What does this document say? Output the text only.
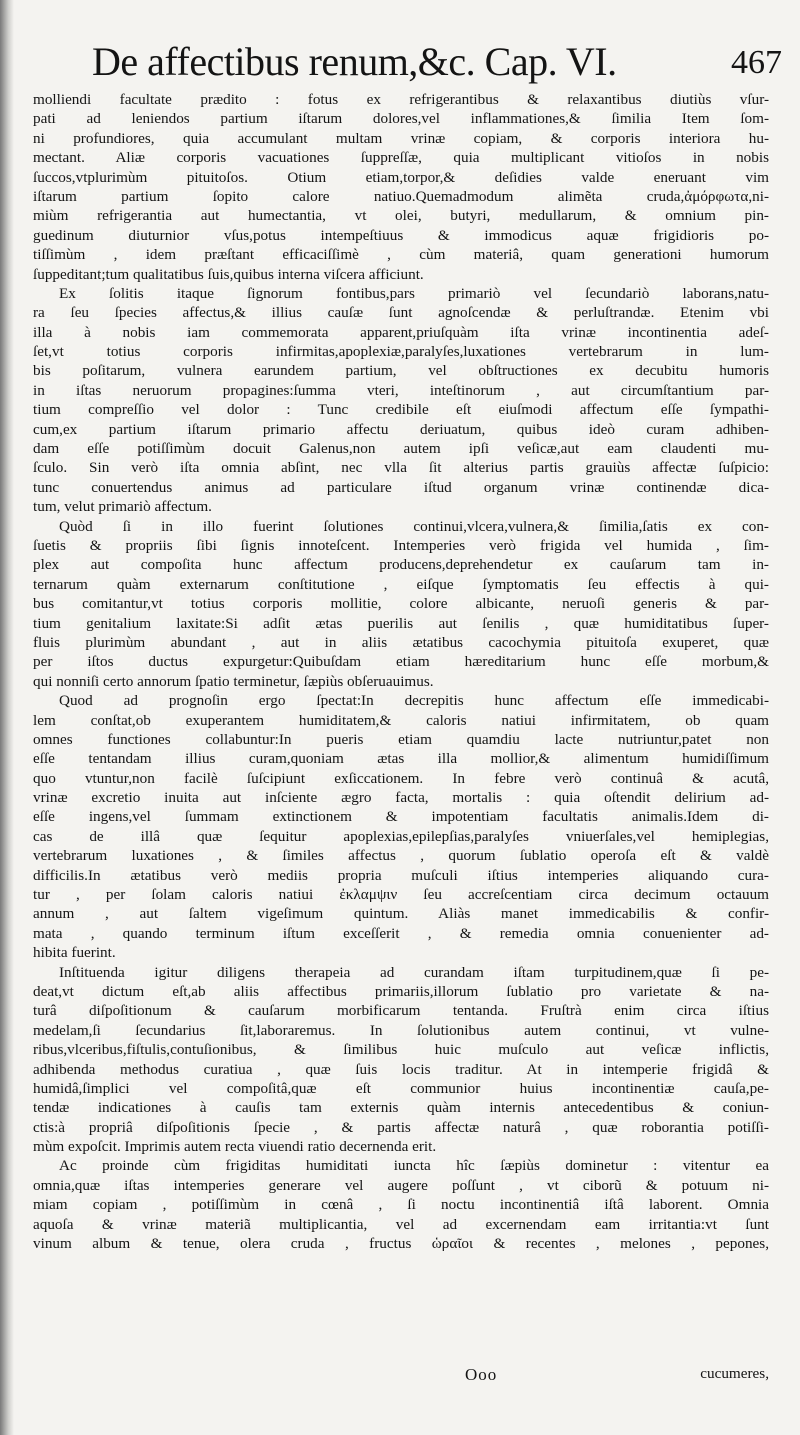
De affectibus renum,&c. Cap. VI.	467
molliendi facultate prædito : fotus ex refrigerantibus & relaxantibus diutiùs vſur-
pati ad leniendos partium iſtarum dolores,vel inflammationes,& ſimilia Item ſom-
ni profundiores, quia accumulant multam vrinæ copiam, & corporis interiora hu-
mectant. Aliæ corporis vacuationes ſuppreſſæ, quia multiplicant vitioſos in nobis
ſuccos,vtplurimùm pituitoſos. Otium etiam,torpor,& deſidies valde eneruant vim
iſtarum partium ſopito calore natiuo.Quemadmodum alimẽta cruda,ἀμόρφωτα,ni-
miùm refrigerantia aut humectantia, vt olei, butyri, medullarum, & omnium pin-
guedinum diuturnior vſus,potus intempeſtiuus & immodicus aquæ frigidioris po-
tiſſimùm , idem præſtant efficaciſſimè , cùm materiâ, quam generationi humorum
ſuppeditant;tum qualitatibus ſuis,quibus interna viſcera afficiunt.
Ex ſolitis itaque ſignorum fontibus,pars primariò vel ſecundariò laborans,natu-
ra ſeu ſpecies affectus,& illius cauſæ ſunt agnoſcendæ & perluſtrandæ. Etenim vbi
illa à nobis iam commemorata apparent,priuſquàm iſta vrinæ incontinentia adeſ-
ſet,vt totius corporis infirmitas,apoplexiæ,paralyſes,luxationes vertebrarum in lum-
bis poſitarum, vulnera earundem partium, vel obſtructiones ex decubitu humoris
in iſtas neruorum propagines:ſumma vteri, inteſtinorum , aut circumſtantium par-
tium compreſſio vel dolor : Tunc credibile eſt eiuſmodi affectum eſſe ſympathi-
cum,ex partium iſtarum primario affectu deriuatum, quibus ideò curam adhiben-
dam eſſe potiſſimùm docuit Galenus,non autem ipſi veſicæ,aut eam claudenti mu-
ſculo. Sin verò iſta omnia abſint, nec vlla ſit alterius partis grauiùs affectæ ſuſpicio:
tunc conuertendus animus ad particulare iſtud organum vrinæ continendæ dica-
tum, velut primariò affectum.
Quòd ſi in illo fuerint ſolutiones continui,vlcera,vulnera,& ſimilia,ſatis ex con-
ſuetis & propriis ſibi ſignis innoteſcent. Intemperies verò frigida vel humida , ſim-
plex aut compoſita hunc affectum producens,deprehendetur ex cauſarum tam in-
ternarum quàm externarum conſtitutione , eiſque ſymptomatis ſeu effectis à qui-
bus comitantur,vt totius corporis mollitie, colore albicante, neruoſi generis & par-
tium genitalium laxitate:Si adſit ætas puerilis aut ſenilis , quæ humiditatibus ſuper-
fluis plurimùm abundant , aut in aliis ætatibus cacochymia pituitoſa exuperet, quæ
per iſtos ductus expurgetur:Quibuſdam etiam hæreditarium hunc eſſe morbum,&
qui nonniſi certo annorum ſpatio terminetur, ſæpiùs obſeruauimus.
Quod ad prognoſin ergo ſpectat:In decrepitis hunc affectum eſſe immedicabi-
lem conſtat,ob exuperantem humiditatem,& caloris natiui infirmitatem, ob quam
omnes functiones collabuntur:In pueris etiam quamdiu lacte nutriuntur,patet non
eſſe tentandam illius curam,quoniam ætas illa mollior,& alimentum humidiſſimum
quo vtuntur,non facilè ſuſcipiunt exſiccationem. In febre verò continuâ & acutâ,
vrinæ excretio inuita aut inſciente ægro facta, mortalis : quia oſtendit delirium ad-
eſſe ingens,vel ſummam extinctionem & impotentiam facultatis animalis.Idem di-
cas de illâ quæ ſequitur apoplexias,epilepſias,paralyſes vniuerſales,vel hemiplegias,
vertebrarum luxationes , & ſimiles affectus , quorum ſublatio operoſa eſt & valdè
difficilis.In ætatibus verò mediis propria muſculi iſtius intemperies aliquando cura-
tur , per ſolam caloris natiui ἐκλαμψιν ſeu accreſcentiam circa decimum octauum
annum , aut ſaltem vigeſimum quintum. Aliàs manet immedicabilis & confir-
mata , quando terminum iſtum exceſſerit , & remedia omnia conuenienter ad-
hibita fuerint.
Inſtituenda igitur diligens therapeia ad curandam iſtam turpitudinem,quæ ſi pe-
deat,vt dictum eſt,ab aliis affectibus primariis,illorum ſublatio pro varietate & na-
turâ diſpoſitionum & cauſarum morbificarum tentanda. Fruſtrà enim circa iſtius
medelam,ſi ſecundarius ſit,laboraremus. In ſolutionibus autem continui, vt vulne-
ribus,vlceribus,fiſtulis,contuſionibus, & ſimilibus huic muſculo aut veſicæ inflictis,
adhibenda methodus curatiua , quæ ſuis locis traditur. At in intemperie frigidâ &
humidâ,ſimplici vel compoſitâ,quæ eſt communior huius incontinentiæ cauſa,pe-
tendæ indicationes à cauſis tam externis quàm internis antecedentibus & coniun-
ctis:à propriâ diſpoſitionis ſpecie , & partis affectæ naturâ , quæ roborantia potiſſi-
mùm expoſcit. Imprimis autem recta viuendi ratio decernenda erit.
Ac proinde cùm frigiditas humiditati iuncta hîc ſæpiùs dominetur : vitentur ea
omnia,quæ iſtas intemperies generare vel augere poſſunt , vt ciborũ & potuum ni-
miam copiam , potiſſimùm in cœnâ , ſi noctu incontinentiâ iſtâ laborent. Omnia
aquoſa & vrinæ materiã multiplicantia, vel ad excernendam eam irritantia:vt ſunt
vinum album & tenue, olera cruda , fructus ὡραῖοι & recentes , melones , pepones,
Ooo	cucumeres,
